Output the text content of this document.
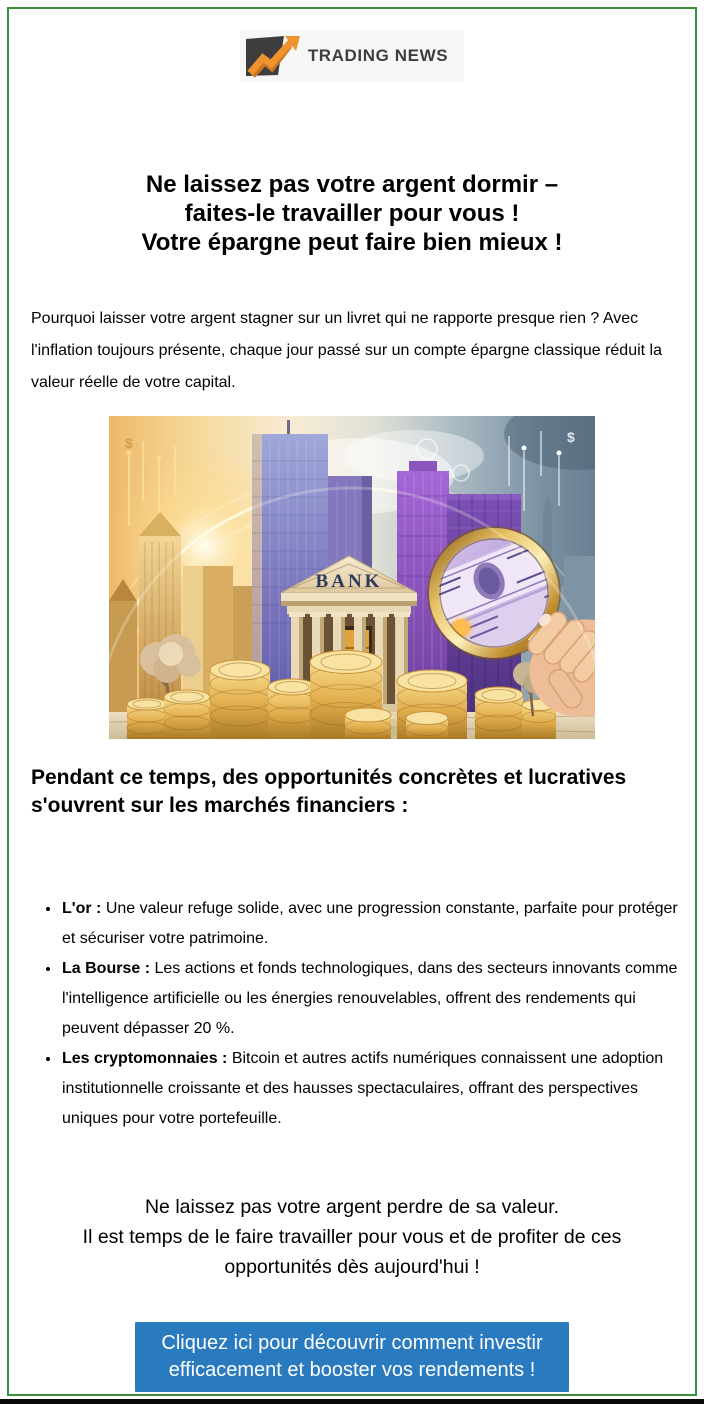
TRADING NEWS
Ne laissez pas votre argent dormir –
faites-le travailler pour vous !
Votre épargne peut faire bien mieux !

Pourquoi laisser votre argent stagner sur un livret qui ne rapporte presque rien ? Avec l'inflation toujours présente, chaque jour passé sur un compte épargne classique réduit la valeur réelle de votre capital.

$	$
BANK
Pendant ce temps, des opportunités concrètes et lucratives s'ouvrent sur les marchés financiers :
• L'or : Une valeur refuge solide, avec une progression constante, parfaite pour protéger et sécuriser votre patrimoine.
• La Bourse : Les actions et fonds technologiques, dans des secteurs innovants comme l'intelligence artificielle ou les énergies renouvelables, offrent des rendements qui peuvent dépasser 20 %.
• Les cryptomonnaies : Bitcoin et autres actifs numériques connaissent une adoption institutionnelle croissante et des hausses spectaculaires, offrant des perspectives uniques pour votre portefeuille.
Ne laissez pas votre argent perdre de sa valeur.
Il est temps de le faire travailler pour vous et de profiter de ces opportunités dès aujourd'hui !
Cliquez ici pour découvrir comment investir efficacement et booster vos rendements !
